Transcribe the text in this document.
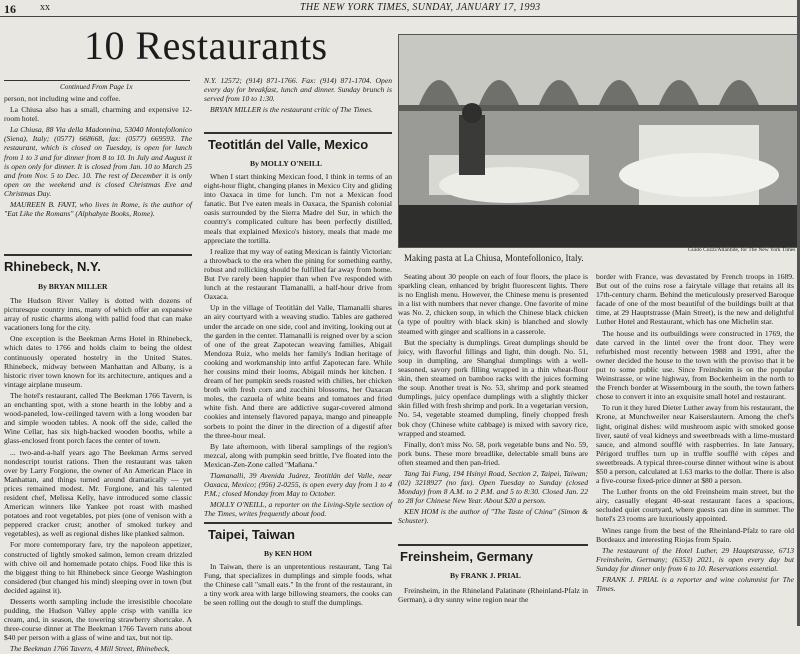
16 xx	THE NEW YORK TIMES, SUNDAY, JANUARY 17, 1993
10 Restaurants
Continued From Page 1x

person, not including wine and coffee.

La Chiusa also has a small, charming and expensive 12-room hotel.

La Chiusa, 88 Via della Madonnina, 53040 Montefollonico (Siena), Italy; (0577) 668668, fax: (0577) 669593. The restaurant, which is closed on Tuesday, is open for lunch from 1 to 3 and for dinner from 8 to 10. In July and August it is open only for dinner. It is closed from Jan. 10 to March 25 and from Nov. 5 to Dec. 10. The rest of December it is only open on the weekend and is closed Christmas Eve and Christmas Day.

MAUREEN B. FANT, who lives in Rome, is the author of "Eat Like the Romans" (Alphabyte Books, Rome).

Rhinebeck, N.Y.
By BRYAN MILLER

The Hudson River Valley is dotted with dozens of picturesque country inns, many of which offer an expansive array of rustic charms along with pallid food that can make vacationers long for the city.

One exception is the Beekman Arms Hotel in Rhinebeck, which dates to 1766 and holds claim to being the oldest continuously operated hostelry in the United States. Rhinebeck, midway between Manhattan and Albany, is a historic river town known for its architecture, antiques and a vintage airplane museum.

The hotel's restaurant, called The Beekman 1766 Tavern, is an enchanting spot, with a stone hearth in the lobby and a wood-paneled, low-ceilinged tavern with a long wooden bar and simple wooden tables. A nook off the side, called the Wine Cellar, has six high-backed wooden booths, while a glass-enclosed front porch faces the center of town.

... two-and-a-half years ago The Beekman Arms served nondescript tourist rations. Then the restaurant was taken over by Larry Forgione, the owner of An American Place in Manhattan, and things turned around dramatically — yet prices remained modest. Mr. Forgione, and his talented resident chef, Melissa Kelly, have introduced some classic American winners like Yankee pot roast with mashed potatoes and root vegetables, pot pies (one of venison with a peppered cracker crust; another of smoked turkey and vegetables), as well as regional dishes like planked salmon.

For more contemporary fare, try the napoleon appetizer, constructed of lightly smoked salmon, lemon cream drizzled with chive oil and homemade potato chips. Food like this is the biggest thing to hit Rhinebeck since George Washington considered (but changed his mind) sleeping over in town (but decided against it).

Desserts worth sampling include the irresistible chocolate pudding, the Hudson Valley apple crisp with vanilla ice cream, and, in season, the towering strawberry shortcake. A three-course dinner at The Beekman 1766 Tavern runs about $40 per person with a glass of wine and tax, but not tip.

The Beekman 1766 Tavern, 4 Mill Street, Rhinebeck,

N.Y. 12572; (914) 871-1766. Fax: (914) 871-1704. Open every day for breakfast, lunch and dinner. Sunday brunch is served from 10 to 1:30.

BRYAN MILLER is the restaurant critic of The Times.

Teotitlán del Valle, Mexico
By MOLLY O'NEILL

When I start thinking Mexican food, I think in terms of an eight-hour flight, changing planes in Mexico City and gliding into Oaxaca in time for lunch. I'm not a Mexican food fanatic. But I've eaten meals in Oaxaca, the Spanish colonial oasis surrounded by the Sierra Madre del Sur, in which the country's complicated culture has been perfectly distilled, meals that explained Mexico's history, meals that made me appreciate the tortilla.

I realize that my way of eating Mexican is faintly Victorian: a throwback to the era when the pining for something earthy, robust and rollicking should be fulfilled far away from home. But I've rarely been happier than when I've responded with lunch at the restaurant Tlamanalli, a half-hour drive from Oaxaca.

Up in the village of Teotitlán del Valle, Tlamanalli shares an airy courtyard with a weaving studio. Tables are gathered under the arcade on one side, cool and inviting, looking out at the garden in the center. Tlamanalli is reigned over by a scion of one of the great Zapotecan weaving families, Abigail Mendoza Ruiz, who melds her family's Indian heritage of cooking and workmanship into artful Zapotecan fare. While her cousins mind their looms, Abigail minds her kitchen. I dream of her pumpkin seeds roasted with chilies, her chicken broth with fresh corn and zucchini blossoms, her Oaxacan moles, the cazuela of white beans and tomatoes and fried white fish. And there are addictive sugar-covered almond cookies and intensely flavored papaya, mango and pineapple sorbets to point the diner in the direction of a digestif after the three-hour meal.

By late afternoon, with liberal samplings of the region's mezcal, along with pumpkin seed brittle, I've floated into the Mexican-Zen-Zone called "Mañana."

Tlamanalli, 39 Avenida Juárez, Teotitlán del Valle, near Oaxaca, Mexico; (956) 2-0255, is open every day from 1 to 4 P.M.; closed Monday from May to October.

MOLLY O'NEILL, a reporter on the Living-Style section of The Times, writes frequently about food.

Taipei, Taiwan
By KEN HOM

In Taiwan, there is an unpretentious restaurant, Tang Tai Fung, that specializes in dumplings and simple foods, what the Chinese call "small eats." In the front of the restaurant, in a tiny work area with large billowing steamers, the cooks can be seen rolling out the dough to stuff the dumplings.

Guido Cozzi/Atlantide, for The New York Times
Making pasta at La Chiusa, Montefollonico, Italy.

Seating about 30 people on each of four floors, the place is sparkling clean, enhanced by bright fluorescent lights. There is no English menu. However, the Chinese menu is presented in a list with numbers that never change. One favorite of mine was No. 2, chicken soup, in which the Chinese black chicken (a type of poultry with black skin) is blanched and slowly steamed with ginger and scallions in a casserole.

But the specialty is dumplings. Great dumplings should be juicy, with flavorful fillings and light, thin dough. No. 51, soup in dumpling, are Shanghai dumplings with a well-seasoned, savory pork filling wrapped in a thin wheat-flour skin, then steamed on bamboo racks with the juices forming the soup. Another treat is No. 53, shrimp and pork steamed dumplings, juicy openface dumplings with a slightly thicker skin filled with fresh shrimp and pork. In a vegetarian version, No. 54, vegetable steamed dumpling, finely chopped fresh bok choy (Chinese white cabbage) is mixed with savory rice, wrapped and steamed.

Finally, don't miss No. 58, pork vegetable buns and No. 59, pork buns. These more breadlike, delectable small buns are often steamed and then pan-fried.

Tang Tai Fung, 194 Hsinyi Road, Section 2, Taipei, Taiwan; (02) 3218927 (no fax). Open Tuesday to Sunday (closed Monday) from 8 A.M. to 2 P.M. and 5 to 8:30. Closed Jan. 22 to 28 for Chinese New Year. About $20 a person.

KEN HOM is the author of "The Taste of China" (Simon & Schuster).

Freinsheim, Germany
By FRANK J. PRIAL

Freinsheim, in the Rhineland Palatinate (Rheinland-Pfalz in German), a dry sunny wine region near the

border with France, was devastated by French troops in 1689. But out of the ruins rose a fairytale village that retains all its 17th-century charm. Behind the meticulously preserved Baroque facade of one of the most beautiful of the buildings built at that time, at 29 Hauptstrasse (Main Street), is the new and delightful Luther Hotel and Restaurant, which has one Michelin star.

The house and its outbuildings were constructed in 1769, the date carved in the lintel over the front door. They were refurbished most recently between 1988 and 1991, after the owner decided the house to the town with the proviso that it be put to some public use. Since Freinsheim is on the popular Weinstrasse, or wine highway, from Bockenheim in the north to the French border at Wissembourg in the south, the town fathers chose to convert it into an exquisite small hotel and restaurant.

To run it they lured Dieter Luther away from his restaurant, the Krone, at Munchweiler near Kaiserslautern. Among the chef's light, original dishes: wild mushroom aspic with smoked goose liver, sauté of veal kidneys and sweetbreads with a lime-mustard sauce, and almond soufflé with raspberries. In late January, Périgord truffles turn up in truffle soufflé with cèpes and sweetbreads. A typical three-course dinner without wine is about $50 a person, calculated at 1.63 marks to the dollar. There is also a five-course fixed-price dinner at $80 a person.

The Luther fronts on the old Freinsheim main street, but the airy, casually elegant 40-seat restaurant faces a spacious, secluded quiet courtyard, where guests can dine in summer. The hotel's 23 rooms are luxuriously appointed.

Wines range from the best of the Rheinland-Pfalz to rare old Bordeaux and interesting Riojas from Spain.

The restaurant of the Hotel Luther, 29 Hauptstrasse, 6713 Freinsheim, Germany; (6353) 2021, is open every day but Sunday for dinner only from 6 to 10. Reservations essential.

FRANK J. PRIAL is a reporter and wine columnist for The Times.
